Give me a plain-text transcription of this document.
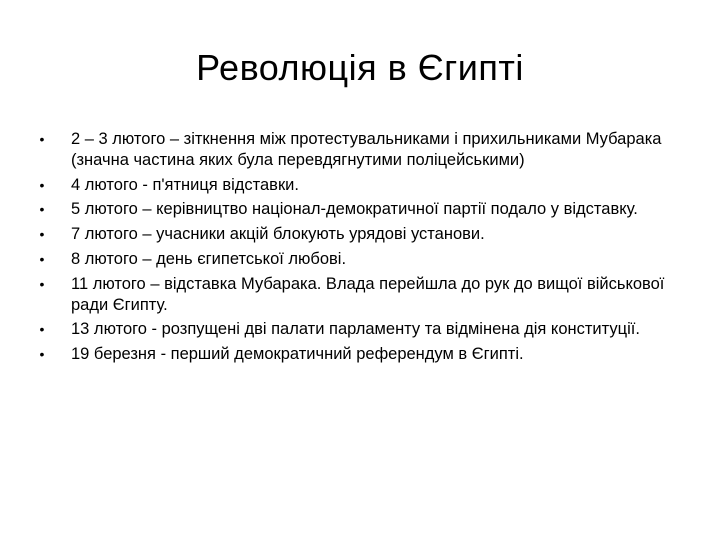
Революція в Єгипті
• 2 – 3 лютого – зіткнення між протестувальниками і прихильниками Мубарака (значна частина яких була перевдягнутими поліцейськими)
• 4 лютого - п'ятниця відставки.
• 5 лютого – керівництво націонал-демократичної партії подало у відставку.
• 7 лютого – учасники акцій блокують урядові установи.
• 8 лютого – день єгипетської любові.
• 11 лютого – відставка Мубарака. Влада перейшла до рук до вищої військової ради Єгипту.
• 13 лютого - розпущені дві палати парламенту та відмінена дія конституції.
• 19 березня - перший демократичний референдум в Єгипті.
